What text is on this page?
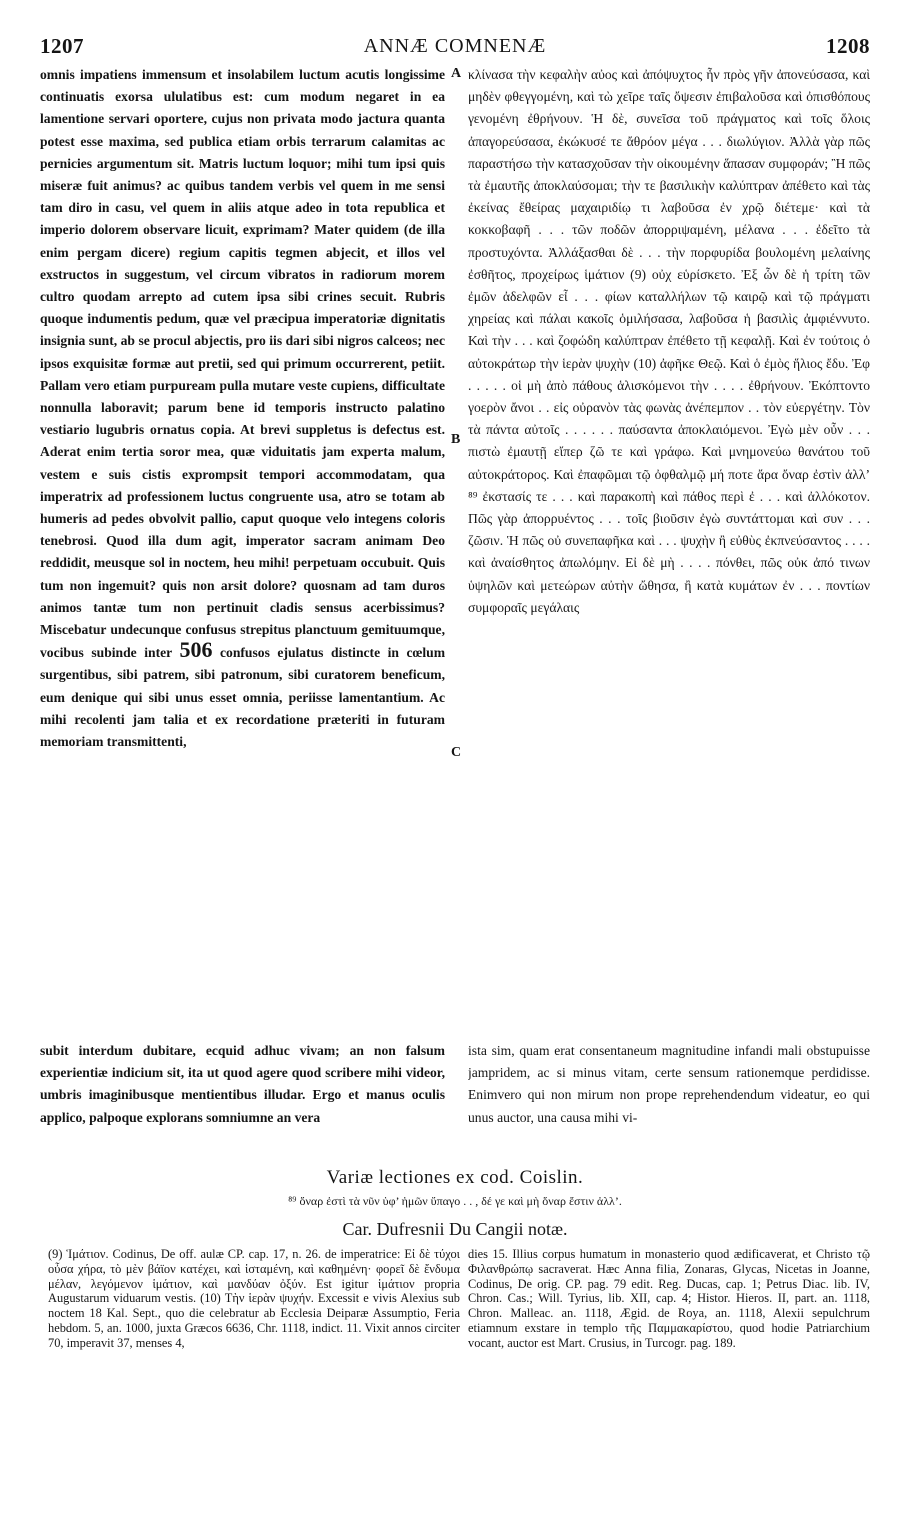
1207	ANNÆ COMNENÆ	1208

omnis impatiens immensum et insolabilem luctum acutis longissime continuatis exorsa ululatibus est: cum modum negaret in ea lamentione servari oportere, cujus non privata modo jactura quanta potest esse maxima, sed publica etiam orbis terrarum calamitas ac pernicies argumentum sit. Matris luctum loquor; mihi tum ipsi quis miseræ fuit animus? ac quibus tandem verbis vel quem in me sensi tam diro in casu, vel quem in aliis atque adeo in tota republica et imperio dolorem observare licuit, exprimam? Mater quidem (de illa enim pergam dicere) regium capitis tegmen abjecit, et illos vel exstructos in suggestum, vel circum vibratos in radiorum morem cultro quodam arrepto ad cutem ipsa sibi crines secuit. Rubris quoque indumentis pedum, quæ vel præcipua imperatoriæ dignitatis insignia sunt, ab se procul abjectis, pro iis dari sibi nigros calceos; nec ipsos exquisitæ formæ aut pretii, sed qui primum occurrerent, petiit. Pallam vero etiam purpuream pulla mutare veste cupiens, difficultate nonnulla laboravit; parum bene id temporis instructo palatino vestiario lugubris ornatus copia. At brevi suppletus is defectus est. Aderat enim tertia soror mea, quæ viduitatis jam experta malum, vestem e suis cistis exprompsit tempori accommodatam, qua imperatrix ad professionem luctus congruente usa, atro se totam ab humeris ad pedes obvolvit pallio, caput quoque velo integens coloris tenebrosi. Quod illa dum agit, imperator sacram animam Deo reddidit, meusque sol in noctem, heu mihi! perpetuam occubuit. Quis tum non ingemuit? quis non arsit dolore? quosnam ad tam duros animos tantæ tum non pertinuit cladis sensus acerbissimus? Miscebatur undecunque confusus strepitus planctuum gemituumque, vocibus subinde inter 506 confusos ejulatus distincte in cœlum surgentibus, sibi patrem, sibi patronum, sibi curatorem beneficum, eum denique qui sibi unus esset omnia, periisse lamentantium. Ac mihi recolenti jam talia et ex recordatione præteriti in futuram memoriam transmittenti,

A
B
C

κλίνασα τὴν κεφαλὴν αὐος καὶ ἀπόψυχτος ἦν πρὸς γῆν ἀπονεύσασα, καὶ μηδὲν φθεγγομένη, καὶ τὼ χεῖρε ταῖς ὄψεσιν ἐπιβαλοῦσα καὶ ὀπισθόπους γενομένη ἐθρήνουν. Ἡ δὲ, συνεῖσα τοῦ πράγματος καὶ τοῖς ὅλοις ἀπαγορεύσασα, ἐκώκυσέ τε ἄθρόον μέγα . . . διωλύγιον. Ἀλλὰ γὰρ πῶς παραστήσω τὴν κατασχοῦσαν τὴν οἰκουμένην ἅπασαν συμφοράν; Ἢ πῶς τὰ ἐμαυτῆς ἀποκλαύσομαι; τὴν τε βασιλικὴν καλύπτραν ἀπέθετο καὶ τὰς ἐκείνας ἔθείρας μαχαιριδίῳ τι λαβοῦσα ἐν χρῷ διέτεμε· καὶ τὰ κοκκοβαφῆ . . . τῶν ποδῶν ἀπορριψαμένη, μέλανα . . . ἐδεῖτο τὰ προστυχόντα. Ἀλλάξασθαι δὲ . . . τὴν πορφυρίδα βουλομένη μελαίνης ἐσθῆτος, προχείρως ἱμάτιον (9) οὐχ εὑρίσκετο. Ἐξ ὧν δὲ ἡ τρίτη τῶν ἐμῶν ἀδελφῶν εἶ . . . φίων καταλλήλων τῷ καιρῷ καὶ τῷ πράγματι χηρείας καὶ πάλαι κακοῖς ὁμιλήσασα, λαβοῦσα ἡ βασιλὶς ἀμφιέννυτο. Καὶ τὴν . . . καὶ ζοφώδη καλύπτραν ἐπέθετο τῇ κεφαλῇ. Καὶ ἐν τούτοις ὁ αὐτοκράτωρ τὴν ἱερὰν ψυχὴν (10) ἀφῆκε Θεῷ. Καὶ ὁ ἐμὸς ἥλιος ἔδυ. Ἐφ . . . . . οἱ μὴ ἀπὸ πάθους ἁλισκόμενοι τὴν . . . . ἐθρήνουν. Ἐκόπτοντο γοερὸν ἄνοι . . εἰς οὐρανὸν τὰς φωνὰς ἀνέπεμπον . . τὸν εὐεργέτην. Τὸν τὰ πάντα αὐτοῖς . . . . . . παύσαντα ἀποκλαιόμενοι. Ἐγὼ μὲν οὖν . . . πιστὼ ἐμαυτῇ εἴπερ ζῶ τε καὶ γράφω. Καὶ μνημονεύω θανάτου τοῦ αὐτοκράτορος. Καὶ ἐπαφῶμαι τῷ ὀφθαλμῷ μή ποτε ἄρα ὄναρ ἐστὶν ἀλλ’ ⁸⁹ ἐκστασίς τε . . . καὶ παρακοπὴ καὶ πάθος περὶ ἐ . . . καὶ ἀλλόκοτον. Πῶς γὰρ ἀπορρυέντος . . . τοῖς βιοῦσιν ἐγὼ συντάττομαι καὶ συν . . . ζῶσιν. Ἡ πῶς οὐ συνεπαφῆκα καὶ . . . ψυχὴν ἢ εὐθὺς ἐκπνεύσαντος . . . . καὶ ἀναίσθητος ἀπωλόμην. Εἰ δὲ μὴ . . . . πόνθει, πῶς οὐκ ἀπό τινων ὑψηλῶν καὶ μετεώρων αὐτὴν ὤθησα, ἢ κατὰ κυμάτων ἐν . . . ποντίων συμφοραῖς μεγάλαις

subit interdum dubitare, ecquid adhuc vivam; an non falsum experientiæ indicium sit, ita ut quod agere quod scribere mihi videor, umbris imaginibusque mentientibus illudar. Ergo et manus oculis applico, palpoque explorans somniumne an vera

ista sim, quam erat consentaneum magnitudine infandi mali obstupuisse jampridem, ac si minus vitam, certe sensum rationemque perdidisse. Enimvero qui non mirum non prope reprehendendum videatur, eo qui unus auctor, una causa mihi vi-

Variæ lectiones ex cod. Coislin.
⁸⁹ ὄναρ ἐστὶ τὰ νῦν ὑφ’ ἡμῶν ὕπαγο . . , δέ γε καὶ μὴ ὄναρ ἔστιν ἀλλ’.
Car. Dufresnii Du Cangii notæ.

(9) Ἱμάτιον. Codinus, De off. aulæ CP. cap. 17, n. 26. de imperatrice: Εἰ δὲ τύχοι οὖσα χήρα, τὸ μὲν βάϊον κατέχει, καὶ ἱσταμένη, καὶ καθημένη· φορεῖ δὲ ἔνδυμα μέλαν, λεγόμενον ἱμάτιον, καὶ μανδύαν ὀξύν. Est igitur ἱμάτιον propria Augustarum viduarum vestis. (10) Τὴν ἱερὰν ψυχήν. Excessit e vivis Alexius sub noctem 18 Kal. Sept., quo die celebratur ab Ecclesia Deiparæ Assumptio, Feria hebdom. 5, an. 1000, juxta Græcos 6636, Chr. 1118, indict. 11. Vixit annos circiter 70, imperavit 37, menses 4,

dies 15. Illius corpus humatum in monasterio quod ædificaverat, et Christo τῷ Φιλανθρώπῳ sacraverat. Hæc Anna filia, Zonaras, Glycas, Nicetas in Joanne, Codinus, De orig. CP. pag. 79 edit. Reg. Ducas, cap. 1; Petrus Diac. lib. IV, Chron. Cas.; Will. Tyrius, lib. XII, cap. 4; Histor. Hieros. II, part. an. 1118, Chron. Malleac. an. 1118, Ægid. de Roya, an. 1118, Alexii sepulchrum etiamnum exstare in templo τῆς Παμμακαρίστου, quod hodie Patriarchium vocant, auctor est Mart. Crusius, in Turcogr. pag. 189.
